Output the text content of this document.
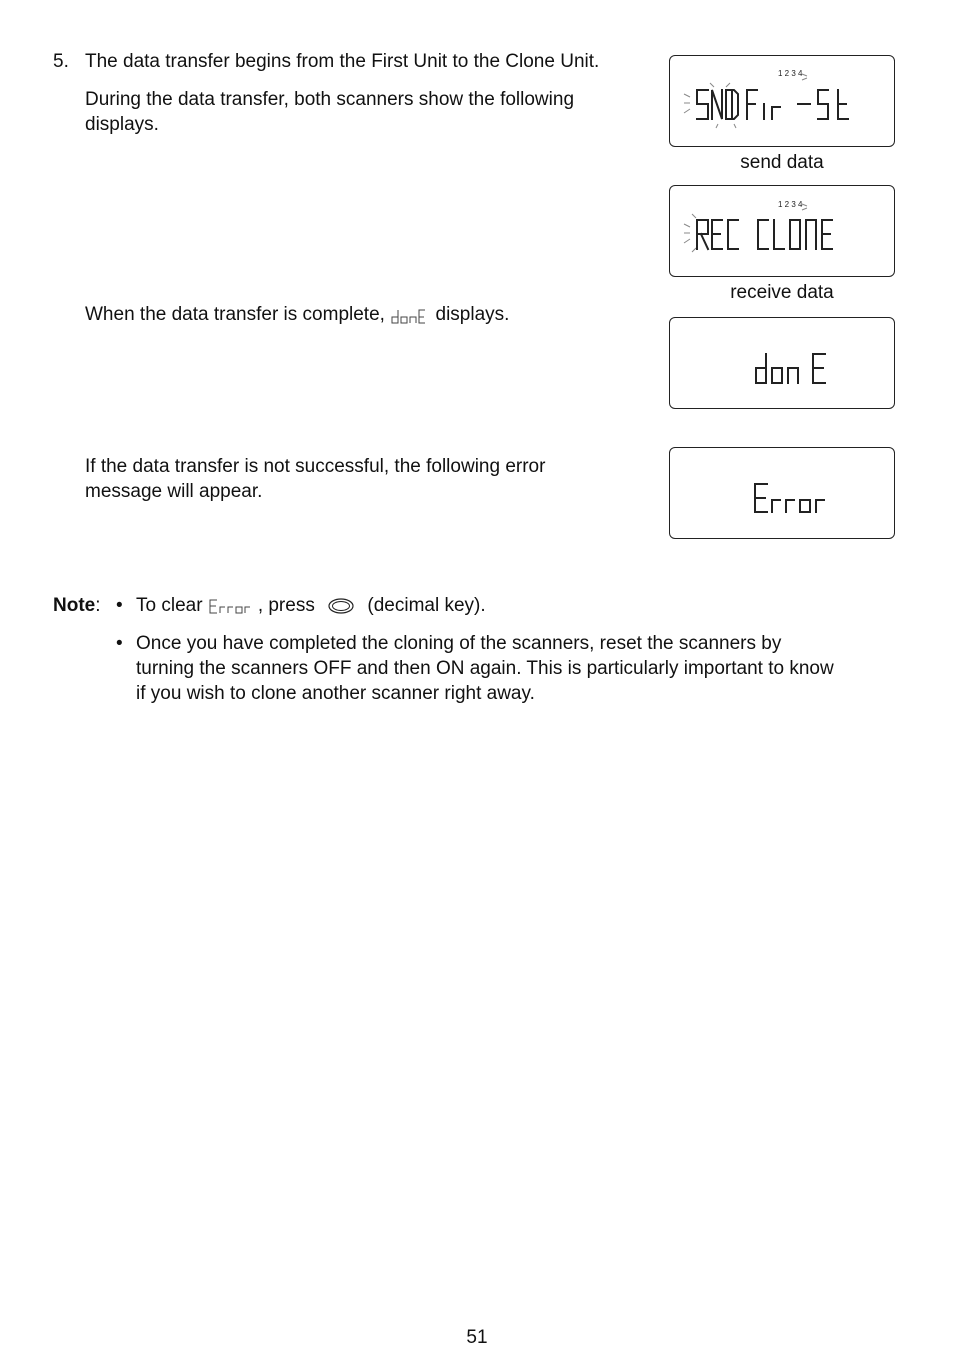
5. The data transfer begins from the First Unit to the Clone Unit.
During the data transfer, both scanners show the following
displays.
When the data transfer is complete,	displays.
If the data transfer is not successful, the following error
message will appear.
1 2 3 4
send data
1 2 3 4
receive data
Note: • To clear	, press	(decimal key).
• Once you have completed the cloning of the scanners, reset the scanners by
turning the scanners OFF and then ON again. This is particularly important to know
if you wish to clone another scanner right away.
51
